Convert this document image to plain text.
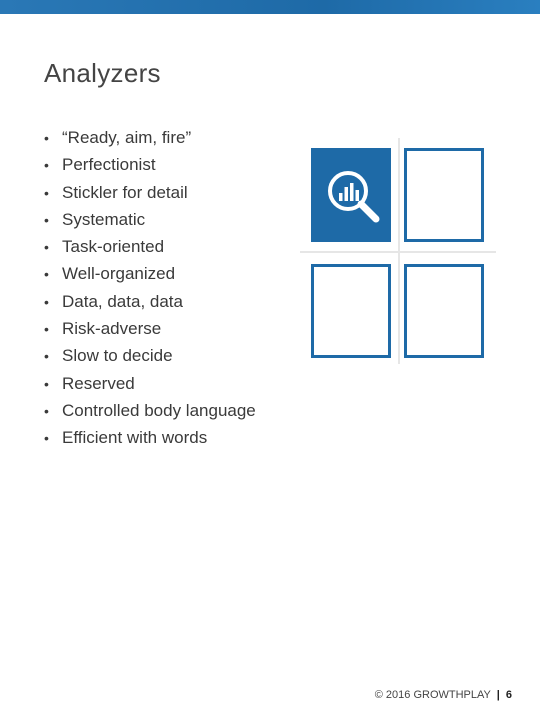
Analyzers
• “Ready, aim, fire”
• Perfectionist
• Stickler for detail
• Systematic
• Task-oriented
• Well-organized
• Data, data, data
• Risk-adverse
• Slow to decide
• Reserved
• Controlled body language
• Efficient with words
© 2016 GROWTHPLAY | 6
